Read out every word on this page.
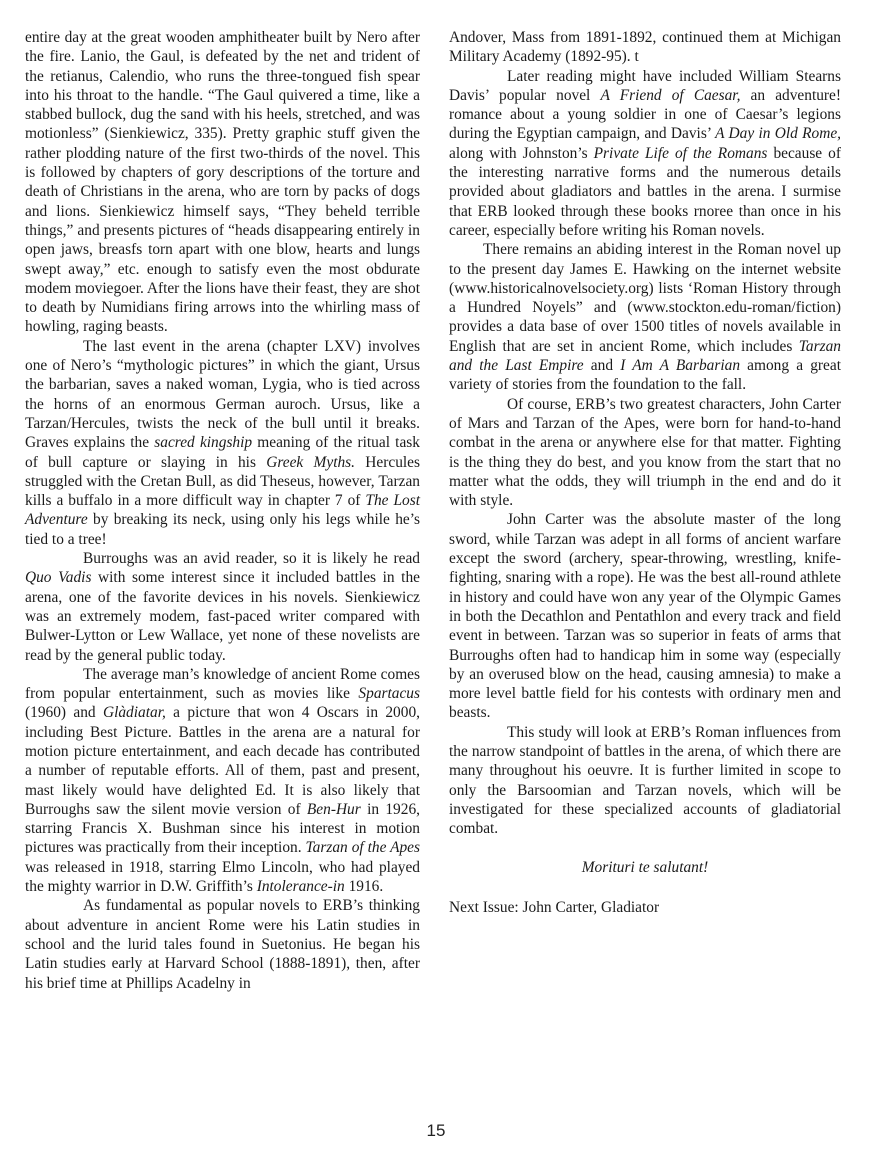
entire day at the great wooden amphitheater built by Nero after the fire. Lanio, the Gaul, is defeated by the net and trident of the retianus, Calendio, who runs the three-tongued fish spear into his throat to the handle. “The Gaul quivered a time, like a stabbed bullock, dug the sand with his heels, stretched, and was motionless” (Sienkiewicz, 335). Pretty graphic stuff given the rather plodding nature of the first two-thirds of the novel. This is followed by chapters of gory descriptions of the torture and death of Christians in the arena, who are torn by packs of dogs and lions. Sienkiewicz himself says, “They beheld terrible things,” and presents pictures of “heads disappearing entirely in open jaws, breasfs torn apart with one blow, hearts and lungs swept away,” etc. enough to satisfy even the most obdurate modem moviegoer. After the lions have their feast, they are shot to death by Numidians firing arrows into the whirling mass of howling, raging beasts.

The last event in the arena (chapter LXV) involves one of Nero’s “mythologic pictures” in which the giant, Ursus the barbarian, saves a naked woman, Lygia, who is tied across the horns of an enormous German auroch. Ursus, like a Tarzan/Hercules, twists the neck of the bull until it breaks. Graves explains the sacred kingship meaning of the ritual task of bull capture or slaying in his Greek Myths. Hercules struggled with the Cretan Bull, as did Theseus, however, Tarzan kills a buffalo in a more difficult way in chapter 7 of The Lost Adventure by breaking its neck, using only his legs while he’s tied to a tree!

Burroughs was an avid reader, so it is likely he read Quo Vadis with some interest since it included battles in the arena, one of the favorite devices in his novels. Sienkiewicz was an extremely modem, fast-paced writer compared with Bulwer-Lytton or Lew Wallace, yet none of these novelists are read by the general public today.

The average man’s knowledge of ancient Rome comes from popular entertainment, such as movies like Spartacus (1960) and Glàdiatar, a picture that won 4 Oscars in 2000, including Best Picture. Battles in the arena are a natural for motion picture entertainment, and each decade has contributed a number of reputable efforts. All of them, past and present, mast likely would have delighted Ed. It is also likely that Burroughs saw the silent movie version of Ben-Hur in 1926, starring Francis X. Bushman since his interest in motion pictures was practically from their inception. Tarzan of the Apes was released in 1918, starring Elmo Lincoln, who had played the mighty warrior in D.W. Griffith’s Intolerance-in 1916.

As fundamental as popular novels to ERB’s thinking about adventure in ancient Rome were his Latin studies in school and the lurid tales found in Suetonius. He began his Latin studies early at Harvard School (1888-1891), then, after his brief time at Phillips Acadelny in

Andover, Mass from 1891-1892, continued them at Michigan Military Academy (1892-95). t

Later reading might have included William Stearns Davis’ popular novel A Friend of Caesar, an adventure! romance about a young soldier in one of Caesar’s legions during the Egyptian campaign, and Davis’ A Day in Old Rome, along with Johnston’s Private Life of the Romans because of the interesting narrative forms and the numerous details provided about gladiators and battles in the arena. I surmise that ERB looked through these books rnoree than once in his career, especially before writing his Roman novels.

There remains an abiding interest in the Roman novel up to the present day James E. Hawking on the internet website (www.historicalnovelsociety.org) lists ‘Roman History through a Hundred Noyels” and (www.stockton.edu-roman/fiction) provides a data base of over 1500 titles of novels available in English that are set in ancient Rome, which includes Tarzan and the Last Empire and I Am A Barbarian among a great variety of stories from the foundation to the fall.

Of course, ERB’s two greatest characters, John Carter of Mars and Tarzan of the Apes, were born for hand-to-hand combat in the arena or anywhere else for that matter. Fighting is the thing they do best, and you know from the start that no matter what the odds, they will triumph in the end and do it with style.

John Carter was the absolute master of the long sword, while Tarzan was adept in all forms of ancient warfare except the sword (archery, spear-throwing, wrestling, knife-fighting, snaring with a rope). He was the best all-round athlete in history and could have won any year of the Olympic Games in both the Decathlon and Pentathlon and every track and field event in between. Tarzan was so superior in feats of arms that Burroughs often had to handicap him in some way (especially by an overused blow on the head, causing amnesia) to make a more level battle field for his contests with ordinary men and beasts.

This study will look at ERB’s Roman influences from the narrow standpoint of battles in the arena, of which there are many throughout his oeuvre. It is further limited in scope to only the Barsoomian and Tarzan novels, which will be investigated for these specialized accounts of gladiatorial combat.

Morituri te salutant!

Next Issue: John Carter, Gladiator

15
